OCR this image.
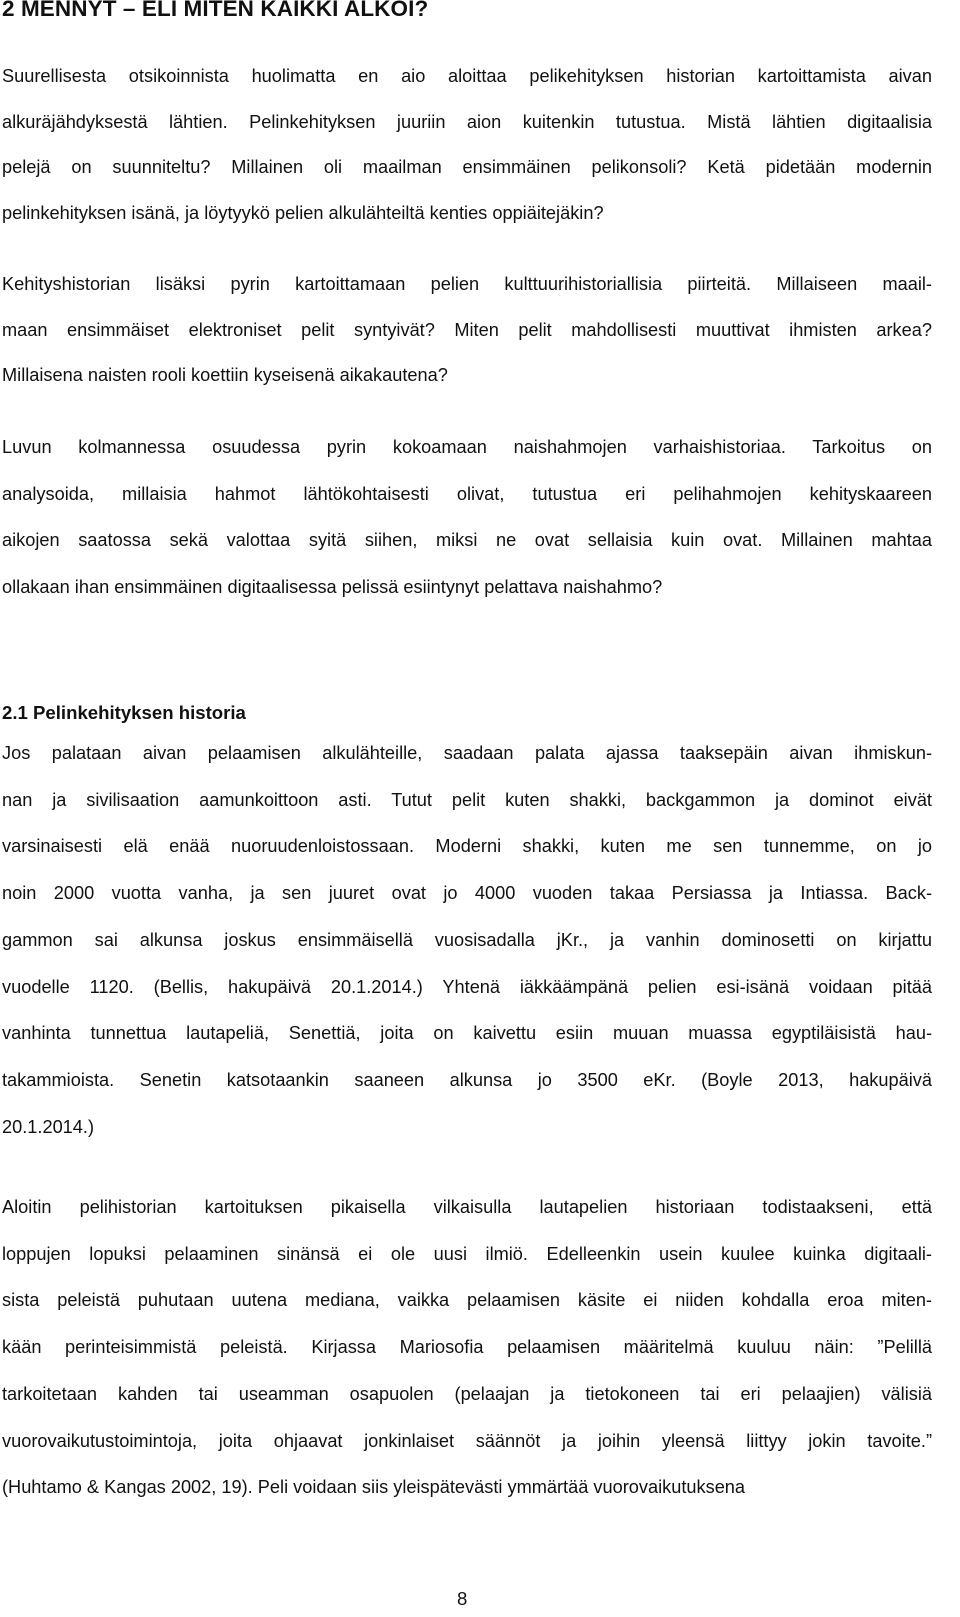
2 MENNYT – ELI MITEN KAIKKI ALKOI?

Suurellisesta otsikoinnista huolimatta en aio aloittaa pelikehityksen historian kartoittamista aivan
alkuräjähdyksestä lähtien. Pelinkehityksen juuriin aion kuitenkin tutustua. Mistä lähtien digitaalisia
pelejä on suunniteltu? Millainen oli maailman ensimmäinen pelikonsoli? Ketä pidetään modernin
pelinkehityksen isänä, ja löytyykö pelien alkulähteiltä kenties oppiäitejäkin?

Kehityshistorian lisäksi pyrin kartoittamaan pelien kulttuurihistoriallisia piirteitä. Millaiseen maail-
maan ensimmäiset elektroniset pelit syntyivät? Miten pelit mahdollisesti muuttivat ihmisten arkea?
Millaisena naisten rooli koettiin kyseisenä aikakautena?

Luvun kolmannessa osuudessa pyrin kokoamaan naishahmojen varhaishistoriaa. Tarkoitus on
analysoida, millaisia hahmot lähtökohtaisesti olivat, tutustua eri pelihahmojen kehityskaareen
aikojen saatossa sekä valottaa syitä siihen, miksi ne ovat sellaisia kuin ovat. Millainen mahtaa
ollakaan ihan ensimmäinen digitaalisessa pelissä esiintynyt pelattava naishahmo?

2.1 Pelinkehityksen historia

Jos palataan aivan pelaamisen alkulähteille, saadaan palata ajassa taaksepäin aivan ihmiskun-
nan ja sivilisaation aamunkoittoon asti. Tutut pelit kuten shakki, backgammon ja dominot eivät
varsinaisesti elä enää nuoruudenloistossaan. Moderni shakki, kuten me sen tunnemme, on jo
noin 2000 vuotta vanha, ja sen juuret ovat jo 4000 vuoden takaa Persiassa ja Intiassa. Back-
gammon sai alkunsa joskus ensimmäisellä vuosisadalla jKr., ja vanhin dominosetti on kirjattu
vuodelle 1120. (Bellis, hakupäivä 20.1.2014.) Yhtenä iäkkäämpänä pelien esi-isänä voidaan pitää
vanhinta tunnettua lautapeliä, Senettiä, joita on kaivettu esiin muuan muassa egyptiläisistä hau-
takammioista. Senetin katsotaankin saaneen alkunsa jo 3500 eKr. (Boyle 2013, hakupäivä
20.1.2014.)

Aloitin pelihistorian kartoituksen pikaisella vilkaisulla lautapelien historiaan todistaakseni, että
loppujen lopuksi pelaaminen sinänsä ei ole uusi ilmiö. Edelleenkin usein kuulee kuinka digitaali-
sista peleistä puhutaan uutena mediana, vaikka pelaamisen käsite ei niiden kohdalla eroa miten-
kään perinteisimmistä peleistä. Kirjassa Mariosofia pelaamisen määritelmä kuuluu näin: ”Pelillä
tarkoitetaan kahden tai useamman osapuolen (pelaajan ja tietokoneen tai eri pelaajien) välisiä
vuorovaikutustoimintoja, joita ohjaavat jonkinlaiset säännöt ja joihin yleensä liittyy jokin tavoite.”
(Huhtamo & Kangas 2002, 19). Peli voidaan siis yleispätevästi ymmärtää vuorovaikutuksena

8
